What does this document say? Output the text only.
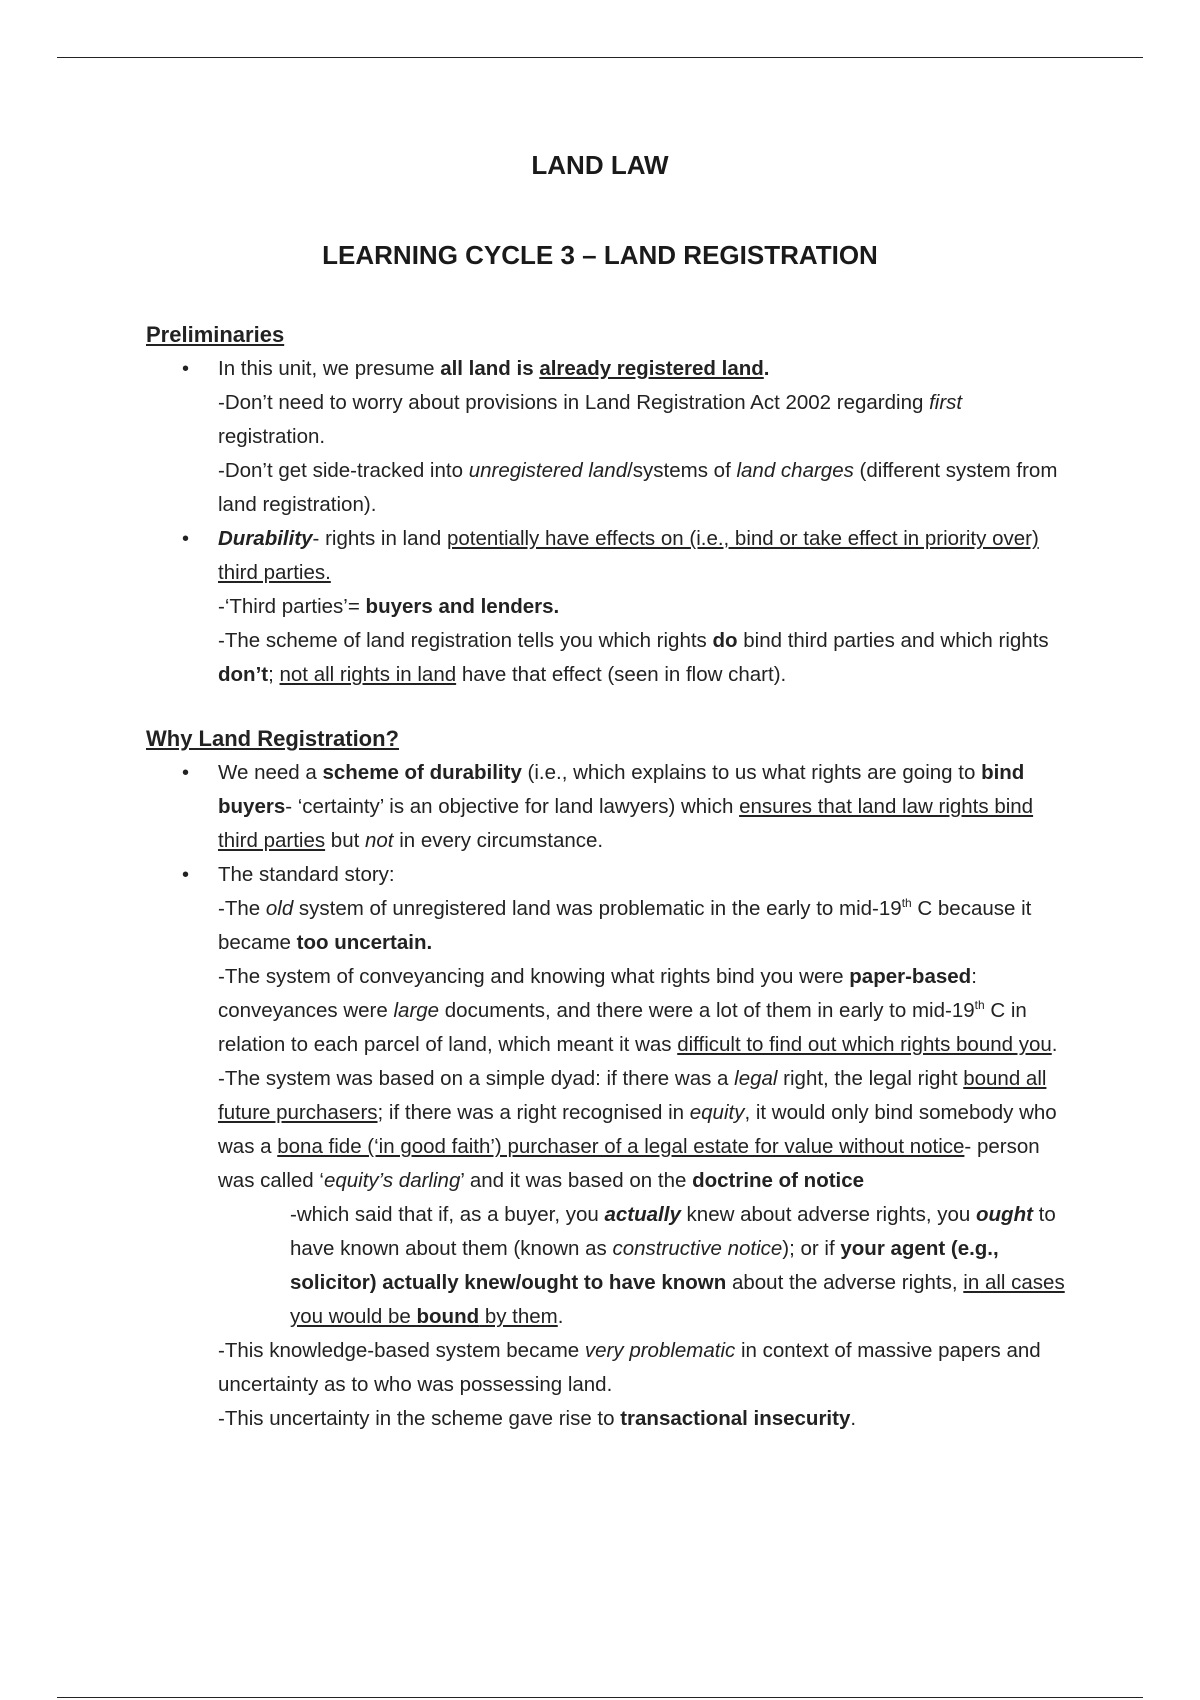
LAND LAW
LEARNING CYCLE 3 – LAND REGISTRATION
Preliminaries
• In this unit, we presume all land is already registered land.
-Don’t need to worry about provisions in Land Registration Act 2002 regarding first registration.
-Don’t get side-tracked into unregistered land/systems of land charges (different system from land registration).
• Durability- rights in land potentially have effects on (i.e., bind or take effect in priority over) third parties.
-‘Third parties’= buyers and lenders.
-The scheme of land registration tells you which rights do bind third parties and which rights don’t; not all rights in land have that effect (seen in flow chart).
Why Land Registration?
• We need a scheme of durability (i.e., which explains to us what rights are going to bind buyers- ‘certainty’ is an objective for land lawyers) which ensures that land law rights bind third parties but not in every circumstance.
• The standard story:
-The old system of unregistered land was problematic in the early to mid-19th C because it became too uncertain.
-The system of conveyancing and knowing what rights bind you were paper-based: conveyances were large documents, and there were a lot of them in early to mid-19th C in relation to each parcel of land, which meant it was difficult to find out which rights bound you.
-The system was based on a simple dyad: if there was a legal right, the legal right bound all future purchasers; if there was a right recognised in equity, it would only bind somebody who was a bona fide (‘in good faith’) purchaser of a legal estate for value without notice- person was called ‘equity’s darling’ and it was based on the doctrine of notice
-which said that if, as a buyer, you actually knew about adverse rights, you ought to have known about them (known as constructive notice); or if your agent (e.g., solicitor) actually knew/ought to have known about the adverse rights, in all cases you would be bound by them.
-This knowledge-based system became very problematic in context of massive papers and uncertainty as to who was possessing land.
-This uncertainty in the scheme gave rise to transactional insecurity.
